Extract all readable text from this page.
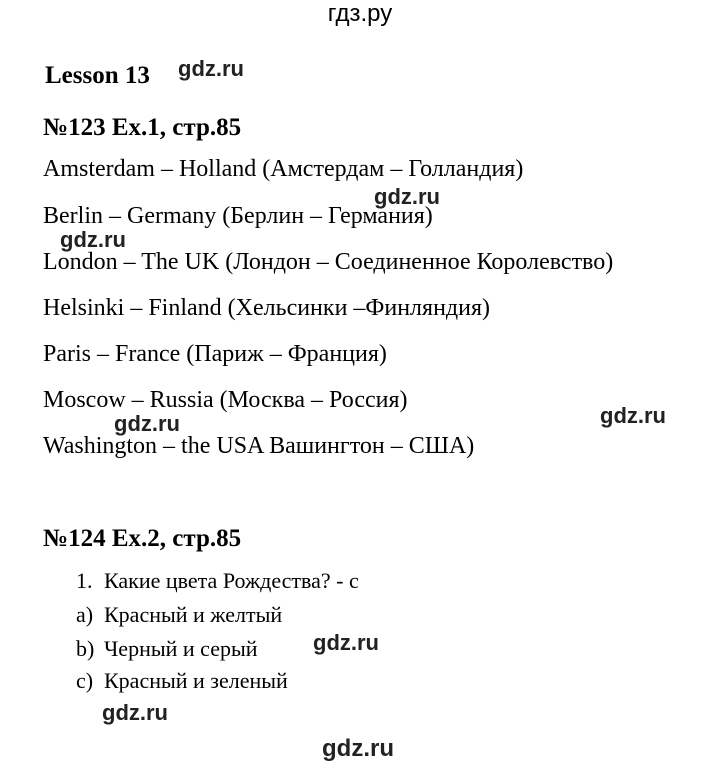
гдз.ру
Lesson 13 gdz.ru
№123 Ex.1, стр.85
Amsterdam – Holland (Амстердам – Голландия)
gdz.ru
Berlin – Germany (Берлин – Германия)
gdz.ru
London – The UK (Лондон – Соединенное Королевство)
Helsinki – Finland (Хельсинки –Финляндия)
Paris – France (Париж – Франция)
Moscow – Russia (Москва – Россия)
gdz.ru
gdz.ru
Washington – the USA Вашингтон – США)
№124 Ex.2, стр.85
1. Какие цвета Рождества? - с
a) Красный и желтый
b) Черный и серый	gdz.ru
c) Красный и зеленый
gdz.ru
gdz.ru
